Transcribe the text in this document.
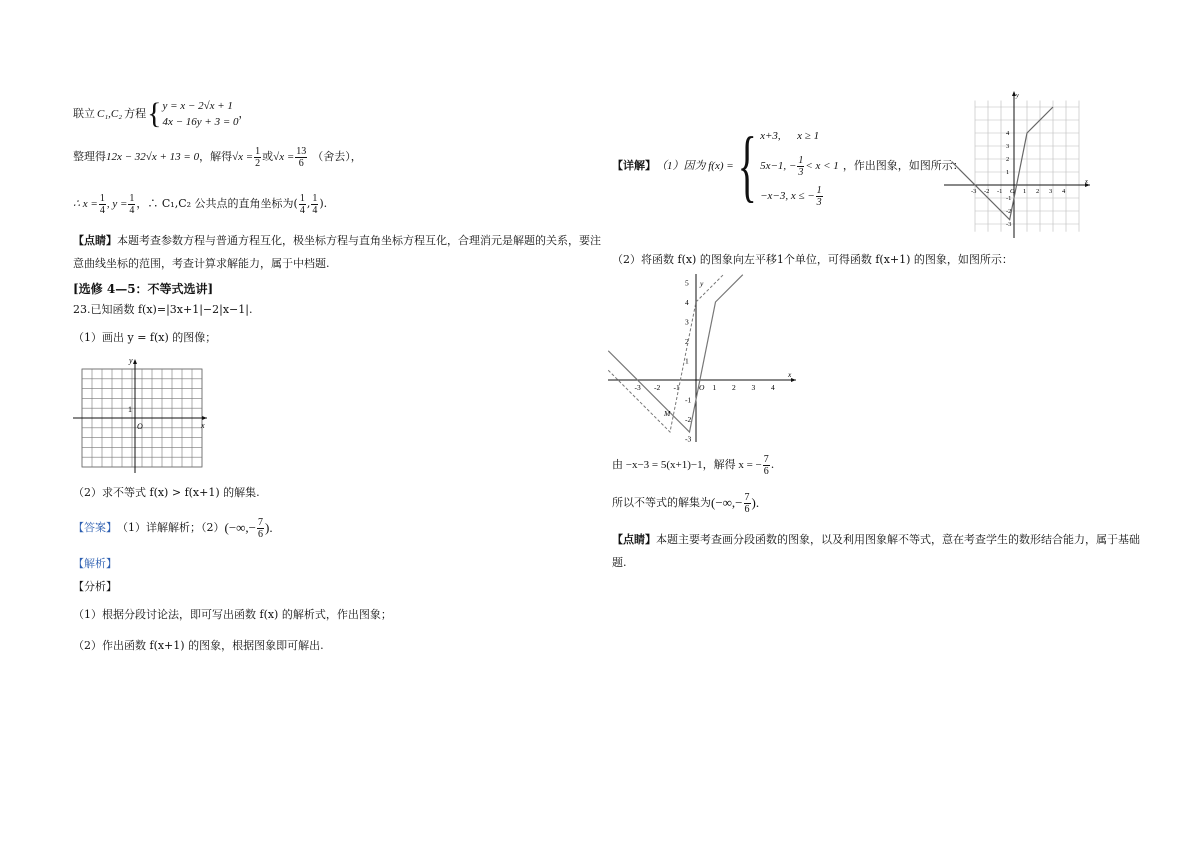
联立 C₁,C₂ 方程 { y = x − 2√x + 1
4x − 16y + 3 = 0
，
整理得 12x − 32√x + 13 = 0 ，解得 $√x = \frac{1}{2}$ 或 $√x = \frac{13}{6}$ （舍去），
∴ $x = \frac{1}{4}$ , $y = \frac{1}{4}$ ，∴ C₁,C₂ 公共点的直角坐标为( $\frac{1}{4}$ , $\frac{1}{4}$ ).
【点睛】本题考查参数方程与普通方程互化，极坐标方程与直角坐标方程互化，合理消元是解题的关系，要注
意曲线坐标的范围，考查计算求解能力，属于中档题.
[选修 4—5：不等式选讲]
23.已知函数 f(x)=|3x+1|−2|x−1|.
（1）画出 y = f(x) 的图像；
O	x
y
1
（2）求不等式 f(x) > f(x+1) 的解集.
【答案】 （1）详解解析；（2） (−∞,− $\frac{7}{6}$ ).
【解析】
【分析】
（1）根据分段讨论法，即可写出函数 f(x) 的解析式，作出图象；
（2）作出函数 f(x+1) 的图象，根据图象即可解出.
【详解】 （1）因为 f(x) = { x+3,      x ≥ 1
5x−1, − $\frac{1}{3} < x < 1$
−x−3, x ≤ − $\frac{1}{3}$
，作出图象，如图所示：
-3 -2 -1 O 1 2 3 4
4
3
2
1
-1
-2
-3
x
y
（2）将函数 f(x) 的图象向左平移1个单位，可得函数 f(x+1) 的图象，如图所示：
-3 -2 -1	O 1 2 3 4
5
4
3
2
1
-1
-2
-3
x
y
M
由 −x−3 = 5(x+1)−1，解得 x = − $\frac{7}{6}$ .
所以不等式的解集为 (−∞,− $\frac{7}{6}$ ).
【点睛】本题主要考查画分段函数的图象，以及利用图象解不等式，意在考查学生的数形结合能力，属于基础
题.
